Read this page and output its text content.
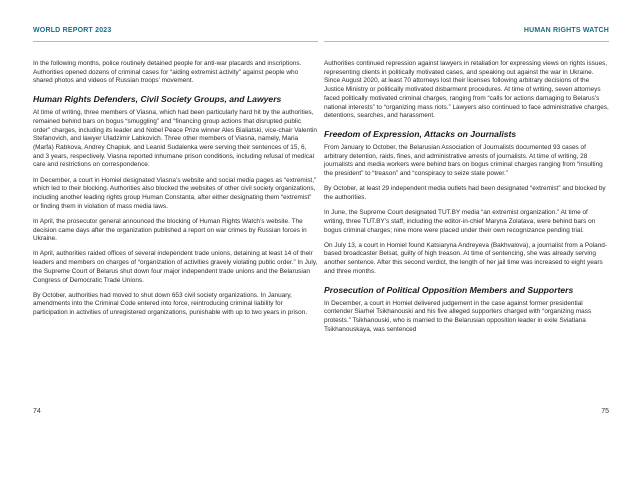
WORLD REPORT 2023

In the following months, police routinely detained people for anti-war placards and inscriptions. Authorities opened dozens of criminal cases for “aiding extremist activity” against people who shared photos and videos of Russian troops’ movement.

Human Rights Defenders, Civil Society Groups, and Lawyers

At time of writing, three members of Viasna, which had been particularly hard hit by the authorities, remained behind bars on bogus “smuggling” and “financing group actions that disrupted public order” charges, including its leader and Nobel Peace Prize winner Ales Bialiatski, vice-chair Valentin Stefanovich, and lawyer Uladzimir Labkovich. Three other members of Viasna, namely, Maria (Marfa) Rabkova, Andrey Chapiuk, and Leanid Sudalenka were serving their sentences of 15, 6, and 3 years, respectively. Viasna reported inhumane prison conditions, including refusal of medical care and restrictions on correspondence.

In December, a court in Homiel designated Viasna’s website and social media pages as “extremist,” which led to their blocking. Authorities also blocked the websites of other civil society organizations, including another leading rights group Human Constanta, after either designating them “extremist” or finding them in violation of mass media laws.

In April, the prosecutor general announced the blocking of Human Rights Watch’s website. The decision came days after the organization published a report on war crimes by Russian forces in Ukraine.

In April, authorities raided offices of several independent trade unions, detaining at least 14 of their leaders and members on charges of “organization of activities gravely violating public order.” In July, the Supreme Court of Belarus shut down four major independent trade unions and the Belarusian Congress of Democratic Trade Unions.

By October, authorities had moved to shut down 653 civil society organizations. In January, amendments into the Criminal Code entered into force, reintroducing criminal liability for participation in activities of unregistered organizations, punishable with up to two years in prison.

74
HUMAN RIGHTS WATCH

Authorities continued repression against lawyers in retaliation for expressing views on rights issues, representing clients in politically motivated cases, and speaking out against the war in Ukraine. Since August 2020, at least 70 attorneys lost their licenses following arbitrary decisions of the Justice Ministry or politically motivated disbarment procedures. At time of writing, seven attorneys faced politically motivated criminal charges, ranging from “calls for actions damaging to Belarus’s national interests” to “organizing mass riots.” Lawyers also continued to face administrative charges, detentions, searches, and harassment.

Freedom of Expression, Attacks on Journalists

From January to October, the Belarusian Association of Journalists documented 93 cases of arbitrary detention, raids, fines, and administrative arrests of journalists. At time of writing, 28 journalists and media workers were behind bars on bogus criminal charges ranging from “insulting the president” to “treason” and “conspiracy to seize state power.”

By October, at least 29 independent media outlets had been designated “extremist” and blocked by the authorities.

In June, the Supreme Court designated TUT.BY media “an extremist organization.” At time of writing, three TUT.BY’s staff, including the editor-in-chief Maryna Zolatava, were behind bars on bogus criminal charges; nine more were placed under their own recognizance pending trial.

On July 13, a court in Homiel found Katsiaryna Andreyeva (Bakhvalova), a journalist from a Poland-based broadcaster Belsat, guilty of high treason. At time of sentencing, she was already serving another sentence. After this second verdict, the length of her jail time was increased to eight years and three months.

Prosecution of Political Opposition Members and Supporters

In December, a court in Homiel delivered judgement in the case against former presidential contender Siarhei Tsikhanouski and his five alleged supporters charged with “organizing mass protests.” Tsikhanouski, who is married to the Belarusian opposition leader in exile Sviatlana Tsikhanouskaya, was sentenced

75
